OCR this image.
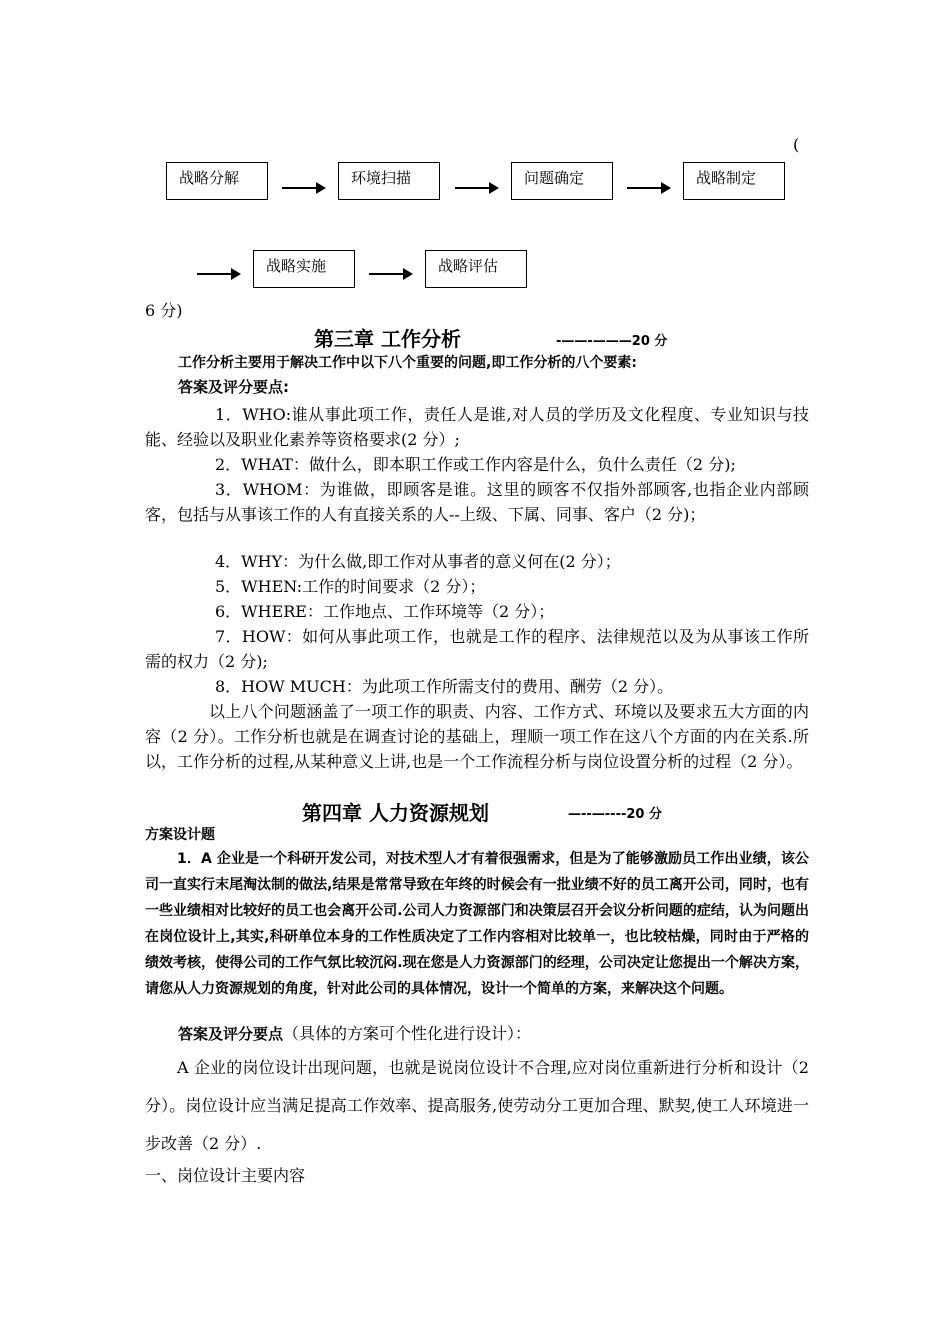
(
战略分解	环境扫描	问题确定	战略制定
战略实施	战略评估
6 分)
第三章 工作分析	-——-———20 分
工作分析主要用于解决工作中以下八个重要的问题,即工作分析的八个要素:
答案及评分要点:
1．WHO:谁从事此项工作，责任人是谁,对人员的学历及文化程度、专业知识与技能、经验以及职业化素养等资格要求(2 分）;
2．WHAT：做什么，即本职工作或工作内容是什么，负什么责任（2 分);
3．WHOM：为谁做，即顾客是谁。这里的顾客不仅指外部顾客,也指企业内部顾客，包括与从事该工作的人有直接关系的人--上级、下属、同事、客户（2 分)；
4．WHY：为什么做,即工作对从事者的意义何在(2 分）；
5．WHEN:工作的时间要求（2 分）；
6．WHERE：工作地点、工作环境等（2 分）；
7．HOW：如何从事此项工作，也就是工作的程序、法律规范以及为从事该工作所需的权力（2 分);
8．HOW MUCH：为此项工作所需支付的费用、酬劳（2 分）。
以上八个问题涵盖了一项工作的职责、内容、工作方式、环境以及要求五大方面的内容（2 分）。工作分析也就是在调查讨论的基础上，理顺一项工作在这八个方面的内在关系.所以，工作分析的过程,从某种意义上讲,也是一个工作流程分析与岗位设置分析的过程（2 分）。
第四章 人力资源规划	—--—----20 分
方案设计题
1．A 企业是一个科研开发公司，对技术型人才有着很强需求，但是为了能够激励员工作出业绩，该公司一直实行末尾淘汰制的做法,结果是常常导致在年终的时候会有一批业绩不好的员工离开公司，同时，也有一些业绩相对比较好的员工也会离开公司.公司人力资源部门和决策层召开会议分析问题的症结，认为问题出在岗位设计上,其实,科研单位本身的工作性质决定了工作内容相对比较单一，也比较枯燥，同时由于严格的绩效考核，使得公司的工作气氛比较沉闷.现在您是人力资源部门的经理，公司决定让您提出一个解决方案，请您从人力资源规划的角度，针对此公司的具体情况，设计一个简单的方案，来解决这个问题。
答案及评分要点（具体的方案可个性化进行设计）：
A 企业的岗位设计出现问题，也就是说岗位设计不合理,应对岗位重新进行分析和设计（2 分）。岗位设计应当满足提高工作效率、提高服务,使劳动分工更加合理、默契,使工人环境进一步改善（2 分）.
一、岗位设计主要内容
